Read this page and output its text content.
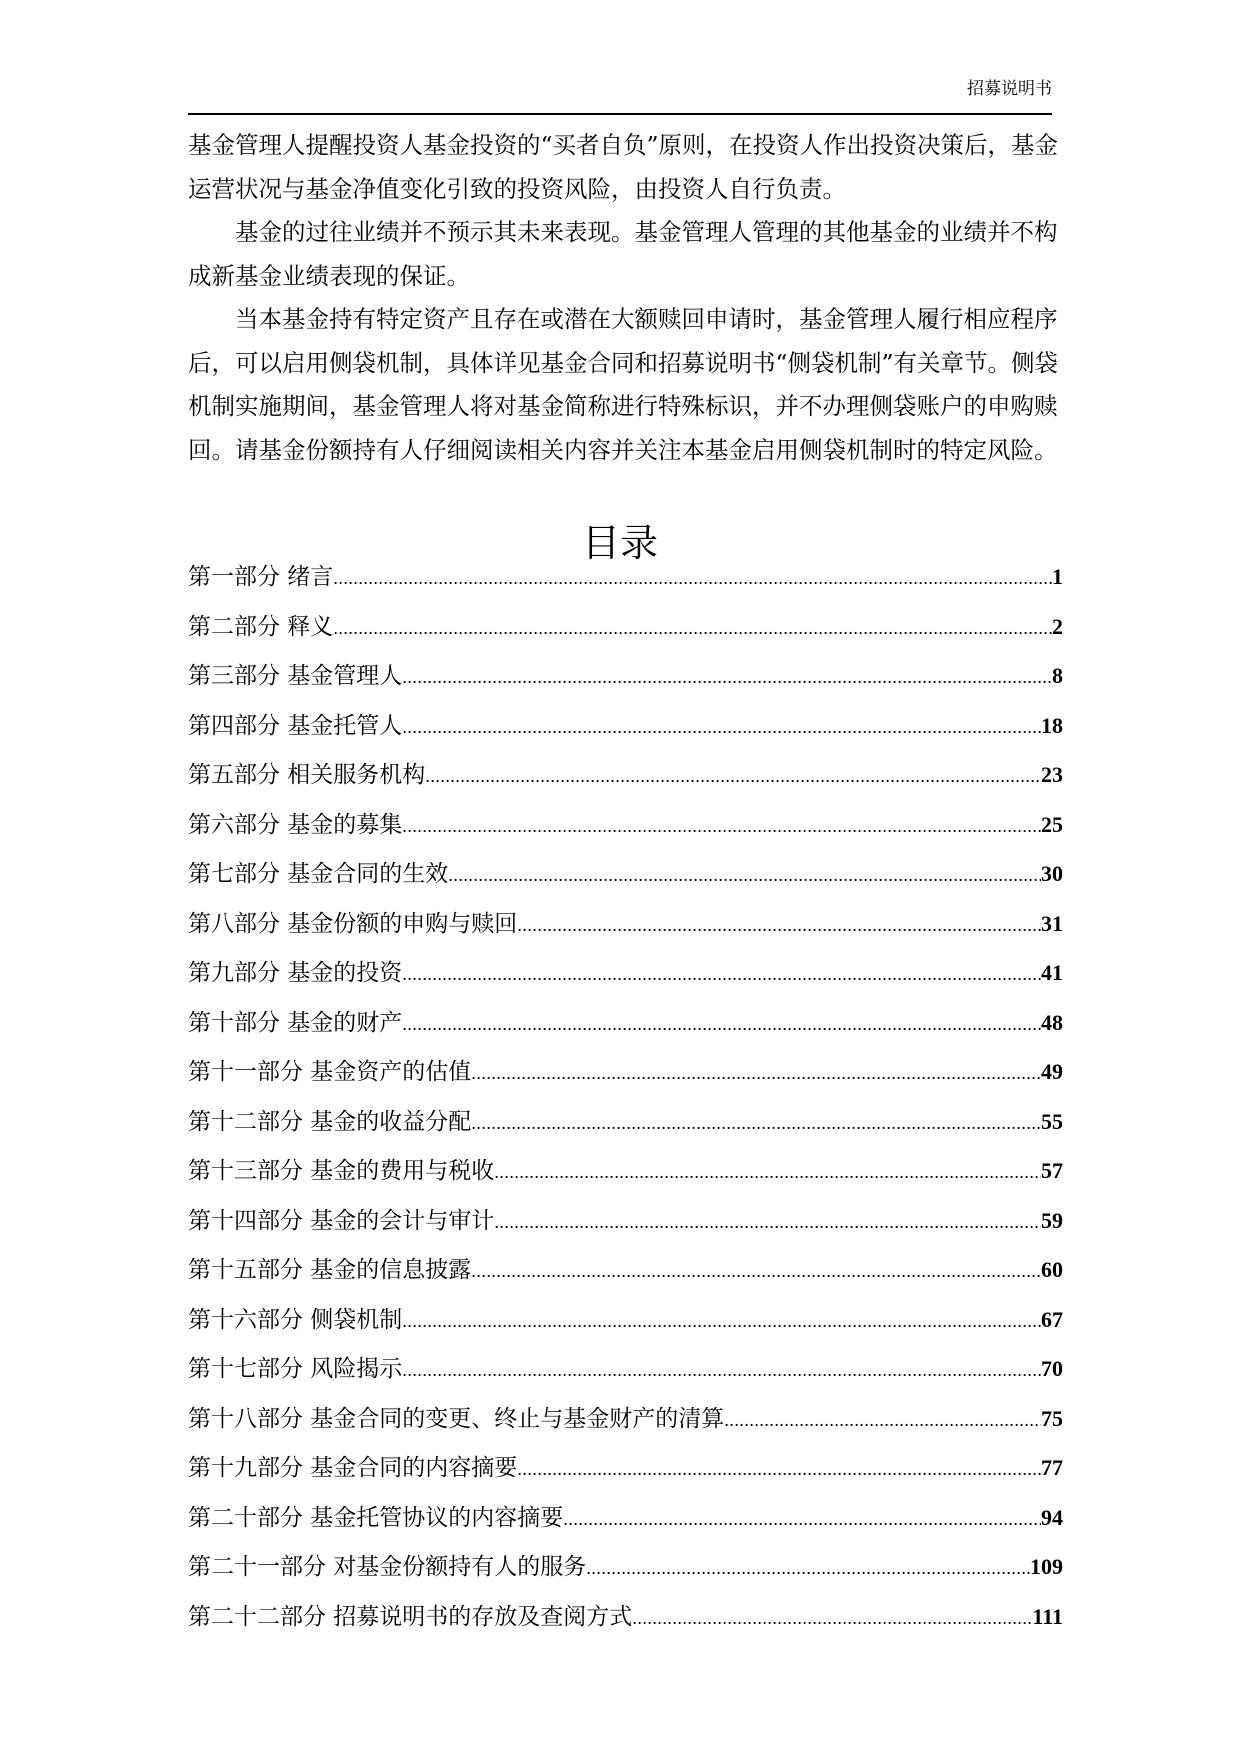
招募说明书
基金管理人提醒投资人基金投资的“买者自负”原则，在投资人作出投资决策后，基金运营状况与基金净值变化引致的投资风险，由投资人自行负责。
基金的过往业绩并不预示其未来表现。基金管理人管理的其他基金的业绩并不构成新基金业绩表现的保证。
当本基金持有特定资产且存在或潜在大额赎回申请时，基金管理人履行相应程序后，可以启用侧袋机制，具体详见基金合同和招募说明书“侧袋机制”有关章节。侧袋机制实施期间，基金管理人将对基金简称进行特殊标识，并不办理侧袋账户的申购赎回。请基金份额持有人仔细阅读相关内容并关注本基金启用侧袋机制时的特定风险。
目录
第一部分 绪言 .....	1
第二部分 释义 .....	2
第三部分 基金管理人 .....	8
第四部分 基金托管人 .....	18
第五部分 相关服务机构 .....	23
第六部分 基金的募集 .....	25
第七部分 基金合同的生效 .....	30
第八部分 基金份额的申购与赎回 .....	31
第九部分 基金的投资 .....	41
第十部分 基金的财产 .....	48
第十一部分 基金资产的估值 .....	49
第十二部分 基金的收益分配 .....	55
第十三部分 基金的费用与税收 .....	57
第十四部分 基金的会计与审计 .....	59
第十五部分 基金的信息披露 .....	60
第十六部分 侧袋机制 .....	67
第十七部分 风险揭示 .....	70
第十八部分 基金合同的变更、终止与基金财产的清算 .....	75
第十九部分 基金合同的内容摘要 .....	77
第二十部分 基金托管协议的内容摘要 .....	94
第二十一部分 对基金份额持有人的服务 .....	109
第二十二部分 招募说明书的存放及查阅方式 .....	111
